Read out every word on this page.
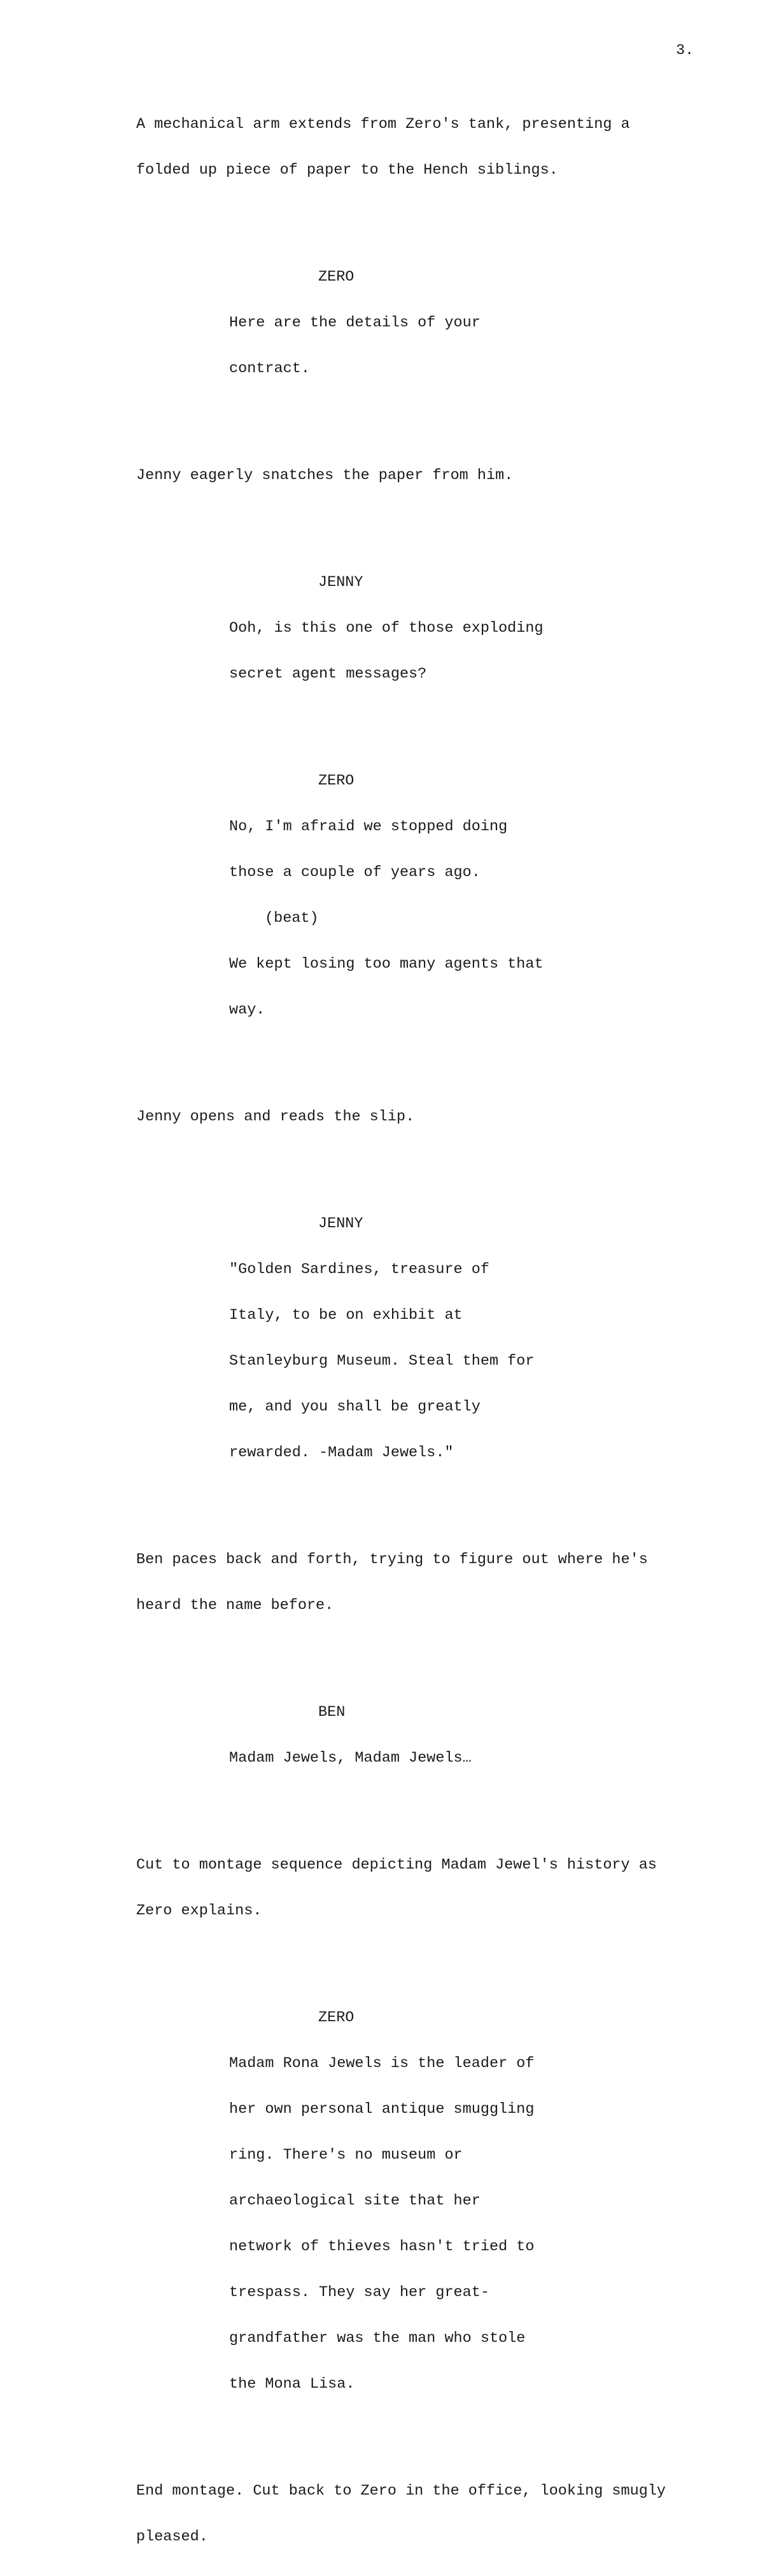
3.

A mechanical arm extends from Zero's tank, presenting a

folded up piece of paper to the Hench siblings.

ZERO

Here are the details of your

contract.

Jenny eagerly snatches the paper from him.

JENNY

Ooh, is this one of those exploding

secret agent messages?

ZERO

No, I'm afraid we stopped doing

those a couple of years ago.

(beat)

We kept losing too many agents that

way.

Jenny opens and reads the slip.

JENNY

"Golden Sardines, treasure of

Italy, to be on exhibit at

Stanleyburg Museum. Steal them for

me, and you shall be greatly

rewarded. -Madam Jewels."

Ben paces back and forth, trying to figure out where he's

heard the name before.

BEN

Madam Jewels, Madam Jewels…

Cut to montage sequence depicting Madam Jewel's history as

Zero explains.

ZERO

Madam Rona Jewels is the leader of

her own personal antique smuggling

ring. There's no museum or

archaeological site that her

network of thieves hasn't tried to

trespass. They say her great-

grandfather was the man who stole

the Mona Lisa.

End montage. Cut back to Zero in the office, looking smugly

pleased.
